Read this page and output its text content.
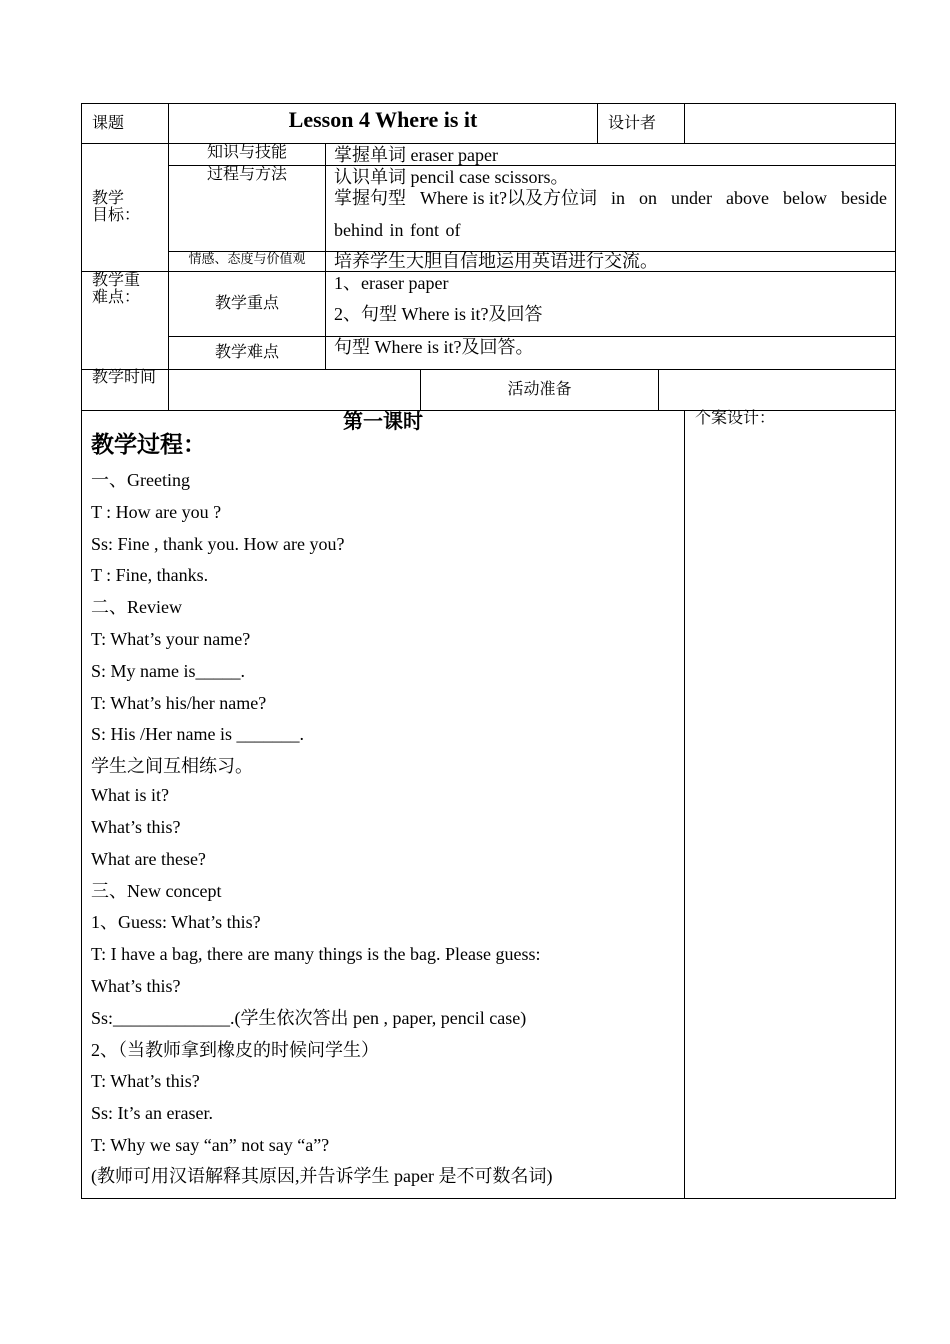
课题	Lesson 4 Where is it	设计者
教学
目标：
知识与技能	掌握单词 eraser paper
过程与方法	认识单词 pencil case scissors。
掌握句型 Where is it?以及方位词 in on under above below beside
behind in font of
情感、态度与价值观	培养学生大胆自信地运用英语进行交流。
教学重
难点：	教学重点
1、eraser paper
2、句型 Where is it?及回答
教学难点	句型 Where is it?及回答。
教学时间
活动准备
第一课时
教学过程：
个案设计：
一、Greeting
T : How are you ?
Ss: Fine , thank you. How are you?
T : Fine, thanks.
二、Review
T: What’s your name?
S: My name is_____.
T: What’s his/her name?
S: His /Her name is _______.
学生之间互相练习。
What is it?
What’s this?
What are these?
三、New concept
1、Guess: What’s this?
T: I have a bag, there are many things is the bag. Please guess:
What’s this?
Ss:_____________.(学生依次答出 pen , paper, pencil case)
2、（当教师拿到橡皮的时候问学生）
T: What’s this?
Ss: It’s an eraser.
T: Why we say “an” not say “a”?
(教师可用汉语解释其原因,并告诉学生 paper 是不可数名词)
